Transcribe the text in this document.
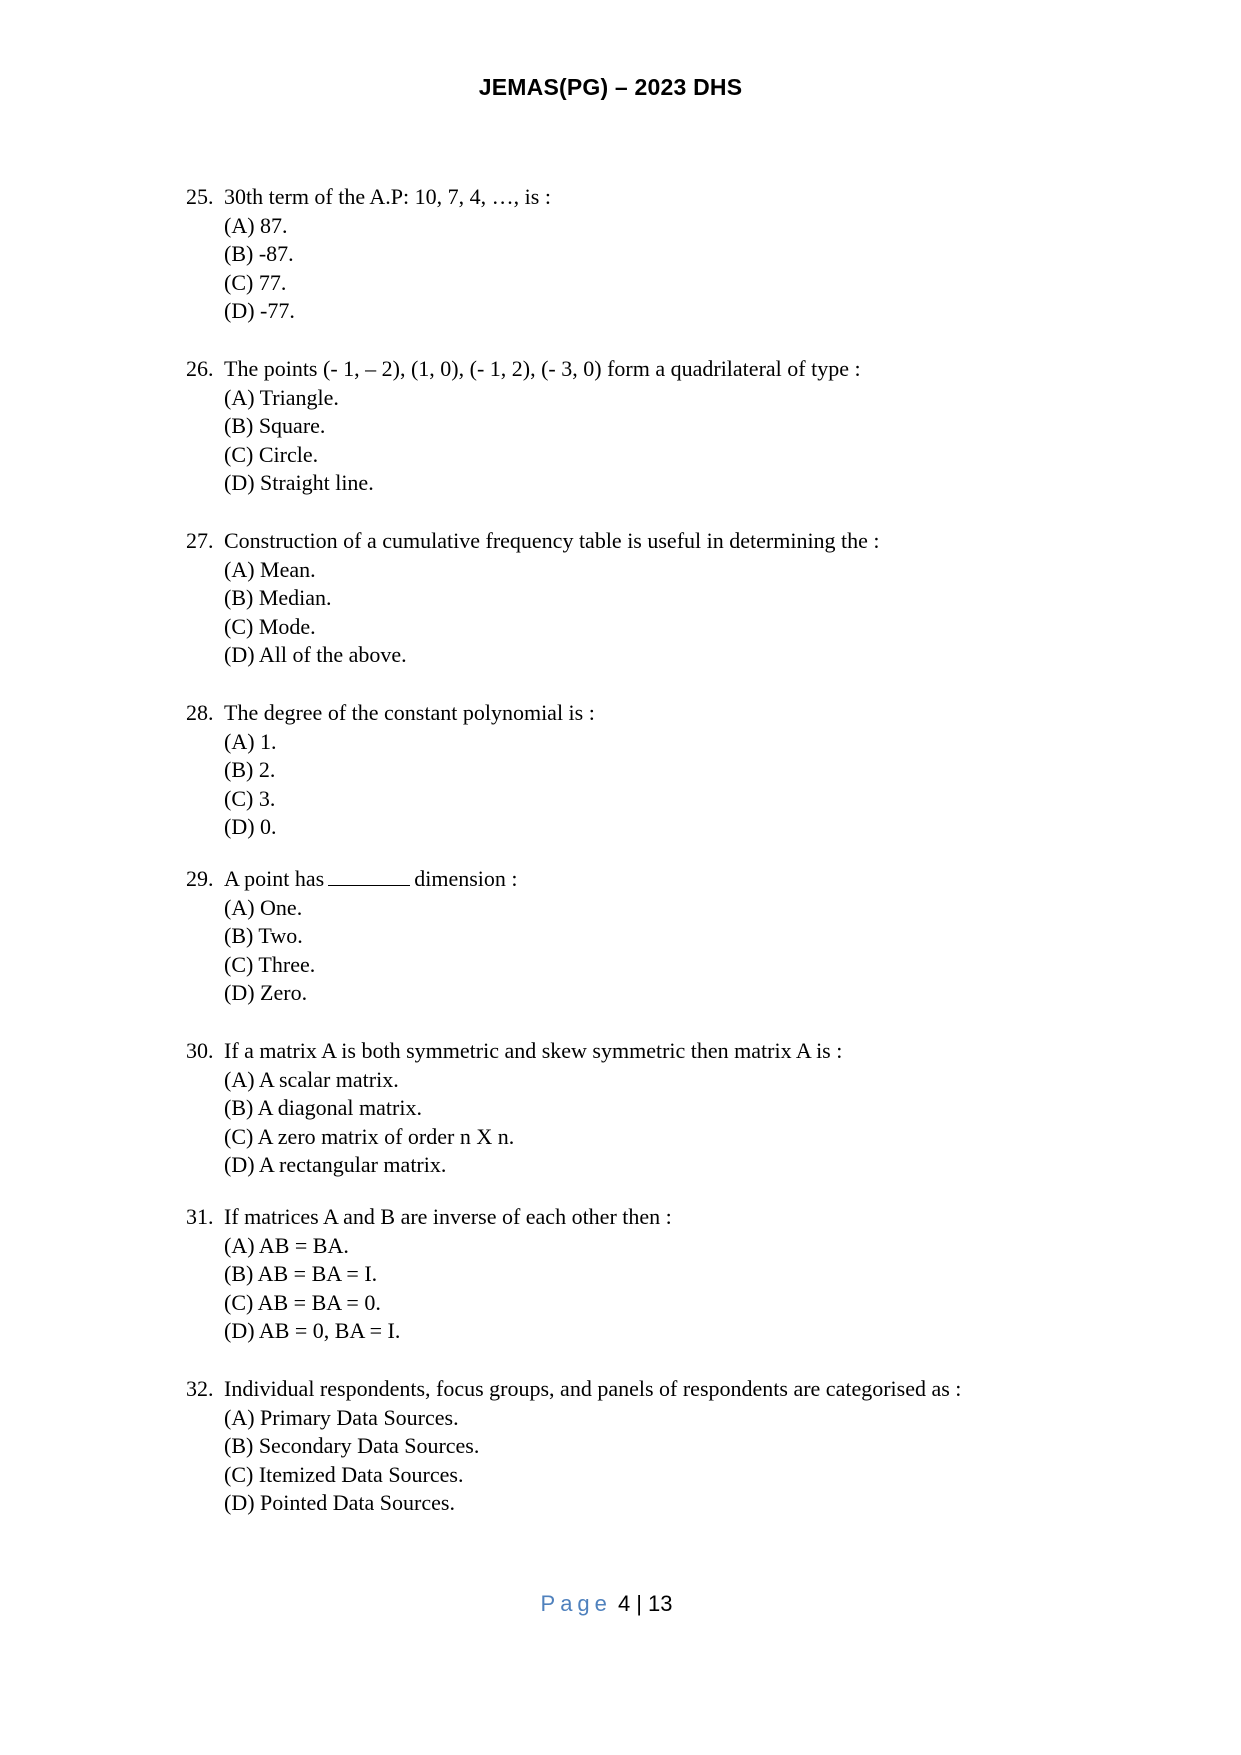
JEMAS(PG) – 2023 DHS
25. 30th term of the A.P: 10, 7, 4, …, is :
(A) 87.
(B) -87.
(C) 77.
(D) -77.
26. The points (- 1, – 2), (1, 0), (- 1, 2), (- 3, 0) form a quadrilateral of type :
(A) Triangle.
(B) Square.
(C) Circle.
(D) Straight line.
27. Construction of a cumulative frequency table is useful in determining the :
(A) Mean.
(B) Median.
(C) Mode.
(D) All of the above.
28. The degree of the constant polynomial is :
(A) 1.
(B) 2.
(C) 3.
(D) 0.
29. A point has	dimension :
(A) One.
(B) Two.
(C) Three.
(D) Zero.
30. If a matrix A is both symmetric and skew symmetric then matrix A is :
(A) A scalar matrix.
(B) A diagonal matrix.
(C) A zero matrix of order n X n.
(D) A rectangular matrix.
31. If matrices A and B are inverse of each other then :
(A) AB = BA.
(B) AB = BA = I.
(C) AB = BA = 0.
(D) AB = 0, BA = I.
32. Individual respondents, focus groups, and panels of respondents are categorised as :
(A) Primary Data Sources.
(B) Secondary Data Sources.
(C) Itemized Data Sources.
(D) Pointed Data Sources.
Page 4 | 13
